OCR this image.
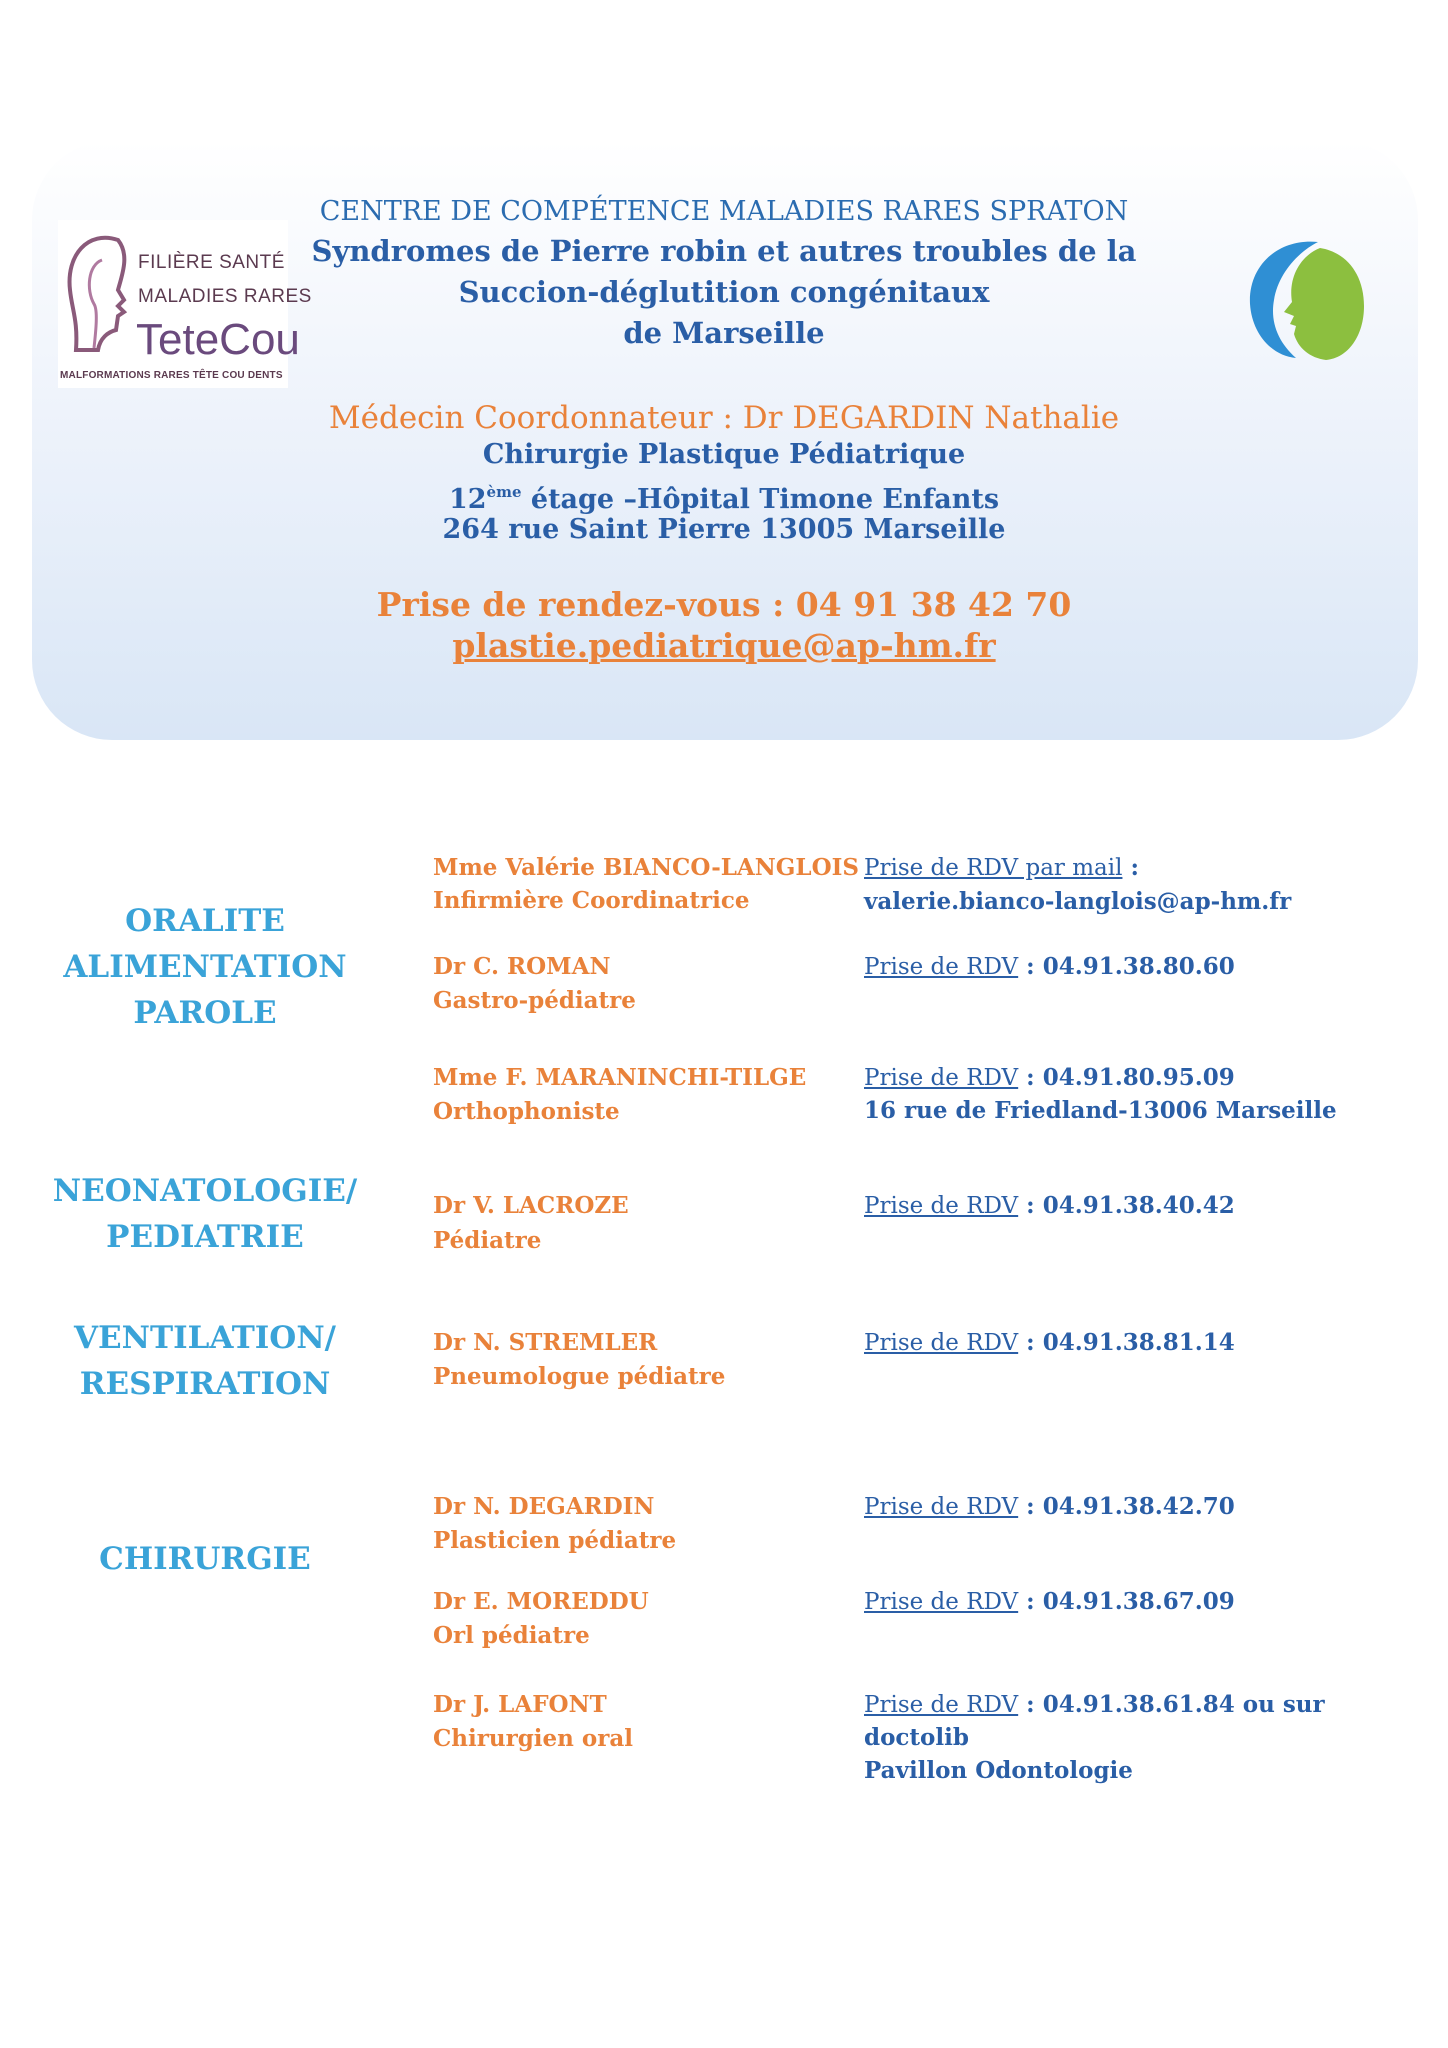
FILIÈRE SANTÉ
MALADIES RARES
TeteCou
MALFORMATIONS RARES TÊTE COU DENTS
CENTRE DE COMPÉTENCE MALADIES RARES SPRATON
Syndromes de Pierre robin et autres troubles de la
Succion-déglutition congénitaux
de Marseille
Médecin Coordonnateur : Dr DEGARDIN Nathalie
Chirurgie Plastique Pédiatrique
12ème étage –Hôpital Timone Enfants
264 rue Saint Pierre 13005 Marseille
Prise de rendez-vous : 04 91 38 42 70
plastie.pediatrique@ap-hm.fr
ORALITE
ALIMENTATION
PAROLE
NEONATOLOGIE/
PEDIATRIE
VENTILATION/
RESPIRATION
CHIRURGIE
Mme Valérie BIANCO-LANGLOIS
Infirmière Coordinatrice
Prise de RDV par mail :
valerie.bianco-langlois@ap-hm.fr
Dr C. ROMAN
Gastro-pédiatre
Prise de RDV : 04.91.38.80.60
Mme F. MARANINCHI-TILGE
Orthophoniste
Prise de RDV : 04.91.80.95.09
16 rue de Friedland-13006 Marseille
Dr V. LACROZE
Pédiatre
Prise de RDV : 04.91.38.40.42
Dr N. STREMLER
Pneumologue pédiatre
Prise de RDV : 04.91.38.81.14
Dr N. DEGARDIN
Plasticien pédiatre
Prise de RDV : 04.91.38.42.70
Dr E. MOREDDU
Orl pédiatre
Prise de RDV : 04.91.38.67.09
Dr J. LAFONT
Chirurgien oral
Prise de RDV : 04.91.38.61.84 ou sur
doctolib
Pavillon Odontologie
